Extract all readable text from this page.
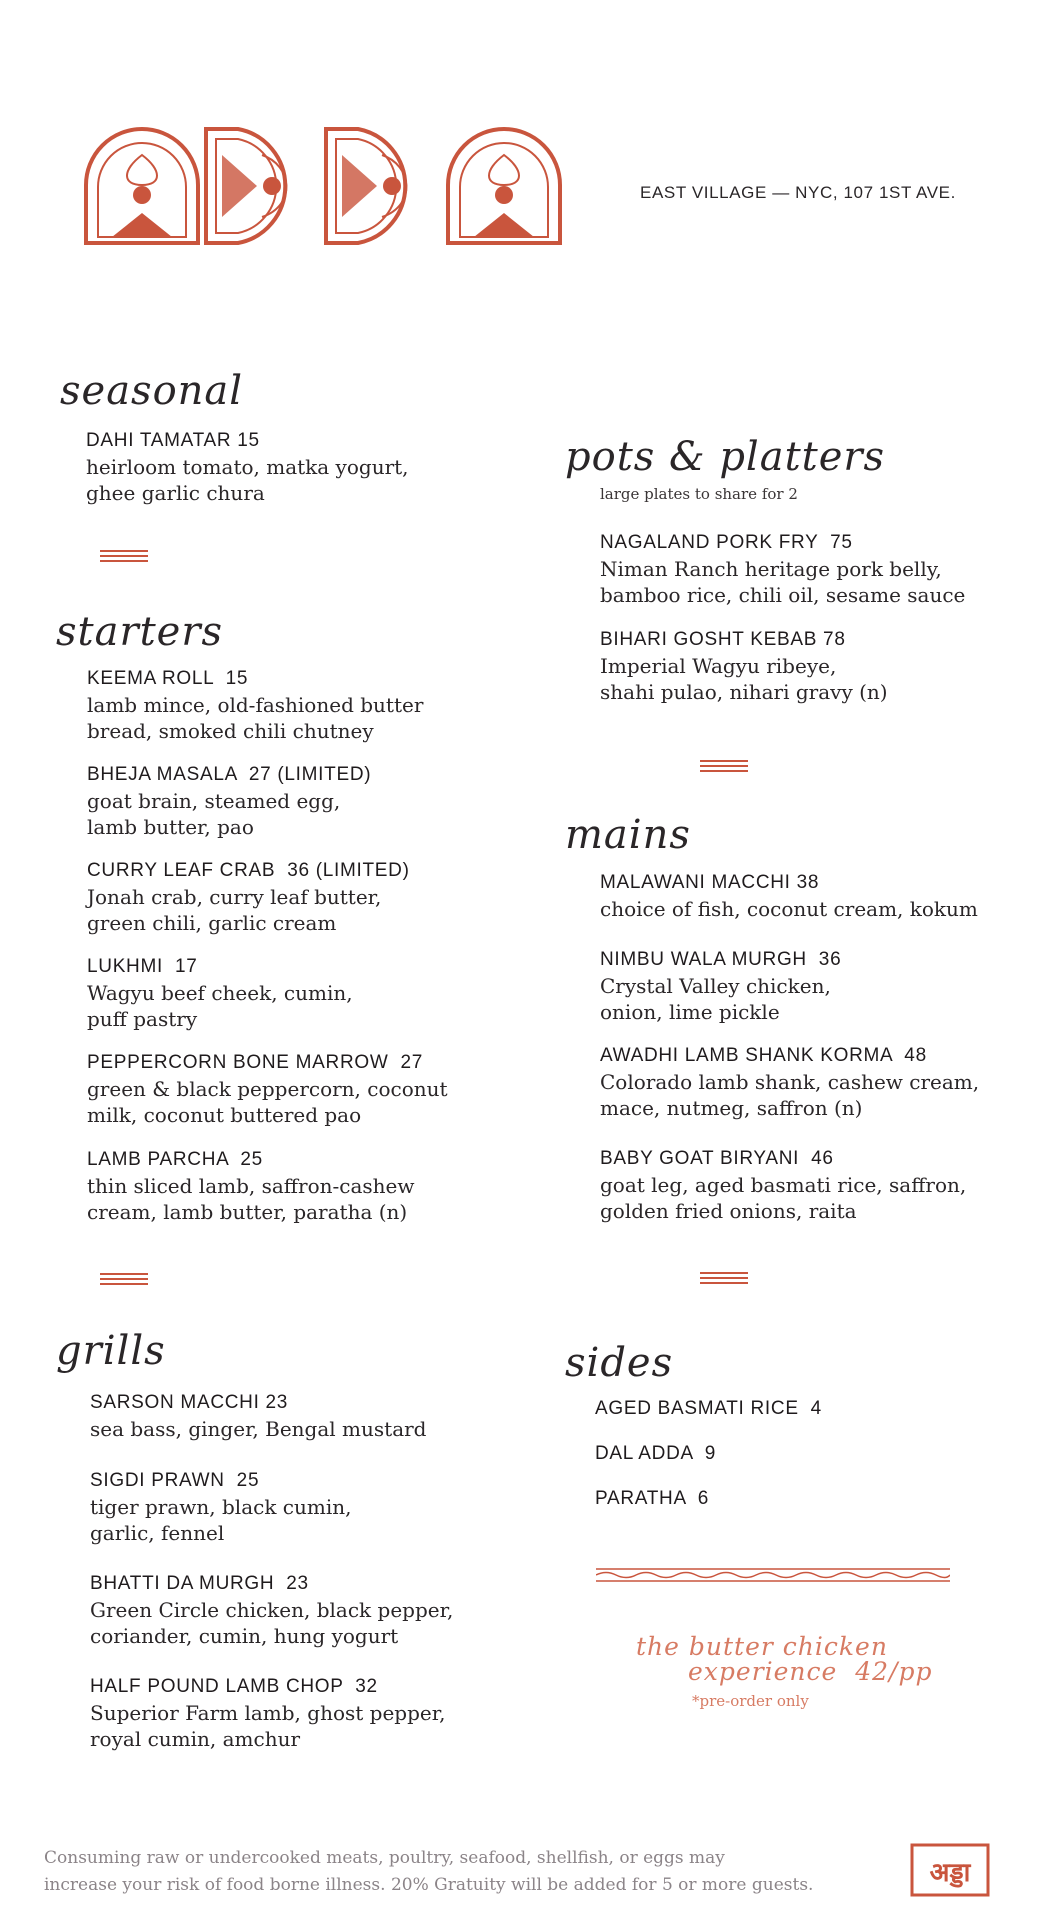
EAST VILLAGE — NYC, 107 1ST AVE.
seasonal
DAHI TAMATAR 15
heirloom tomato, matka yogurt,
ghee garlic chura
starters
KEEMA ROLL  15
lamb mince, old-fashioned butter
bread, smoked chili chutney
BHEJA MASALA  27 (LIMITED)
goat brain, steamed egg,
lamb butter, pao
CURRY LEAF CRAB  36 (LIMITED)
Jonah crab, curry leaf butter,
green chili, garlic cream
LUKHMI  17
Wagyu beef cheek, cumin,
puff pastry
PEPPERCORN BONE MARROW  27
green & black peppercorn, coconut
milk, coconut buttered pao
LAMB PARCHA  25
thin sliced lamb, saffron-cashew
cream, lamb butter, paratha (n)
grills
SARSON MACCHI 23
sea bass, ginger, Bengal mustard
SIGDI PRAWN  25
tiger prawn, black cumin,
garlic, fennel
BHATTI DA MURGH  23
Green Circle chicken, black pepper,
coriander, cumin, hung yogurt
HALF POUND LAMB CHOP  32
Superior Farm lamb, ghost pepper,
royal cumin, amchur
pots & platters
large plates to share for 2
NAGALAND PORK FRY  75
Niman Ranch heritage pork belly,
bamboo rice, chili oil, sesame sauce
BIHARI GOSHT KEBAB 78
Imperial Wagyu ribeye,
shahi pulao, nihari gravy (n)
mains
MALAWANI MACCHI 38
choice of fish, coconut cream, kokum
NIMBU WALA MURGH  36
Crystal Valley chicken,
onion, lime pickle
AWADHI LAMB SHANK KORMA  48
Colorado lamb shank, cashew cream,
mace, nutmeg, saffron (n)
BABY GOAT BIRYANI  46
goat leg, aged basmati rice, saffron,
golden fried onions, raita
sides
AGED BASMATI RICE  4
DAL ADDA  9
PARATHA  6
the butter chicken
experience  42/pp
*pre-order only
Consuming raw or undercooked meats, poultry, seafood, shellfish, or eggs may
increase your risk of food borne illness. 20% Gratuity will be added for 5 or more guests.	अड्डा
